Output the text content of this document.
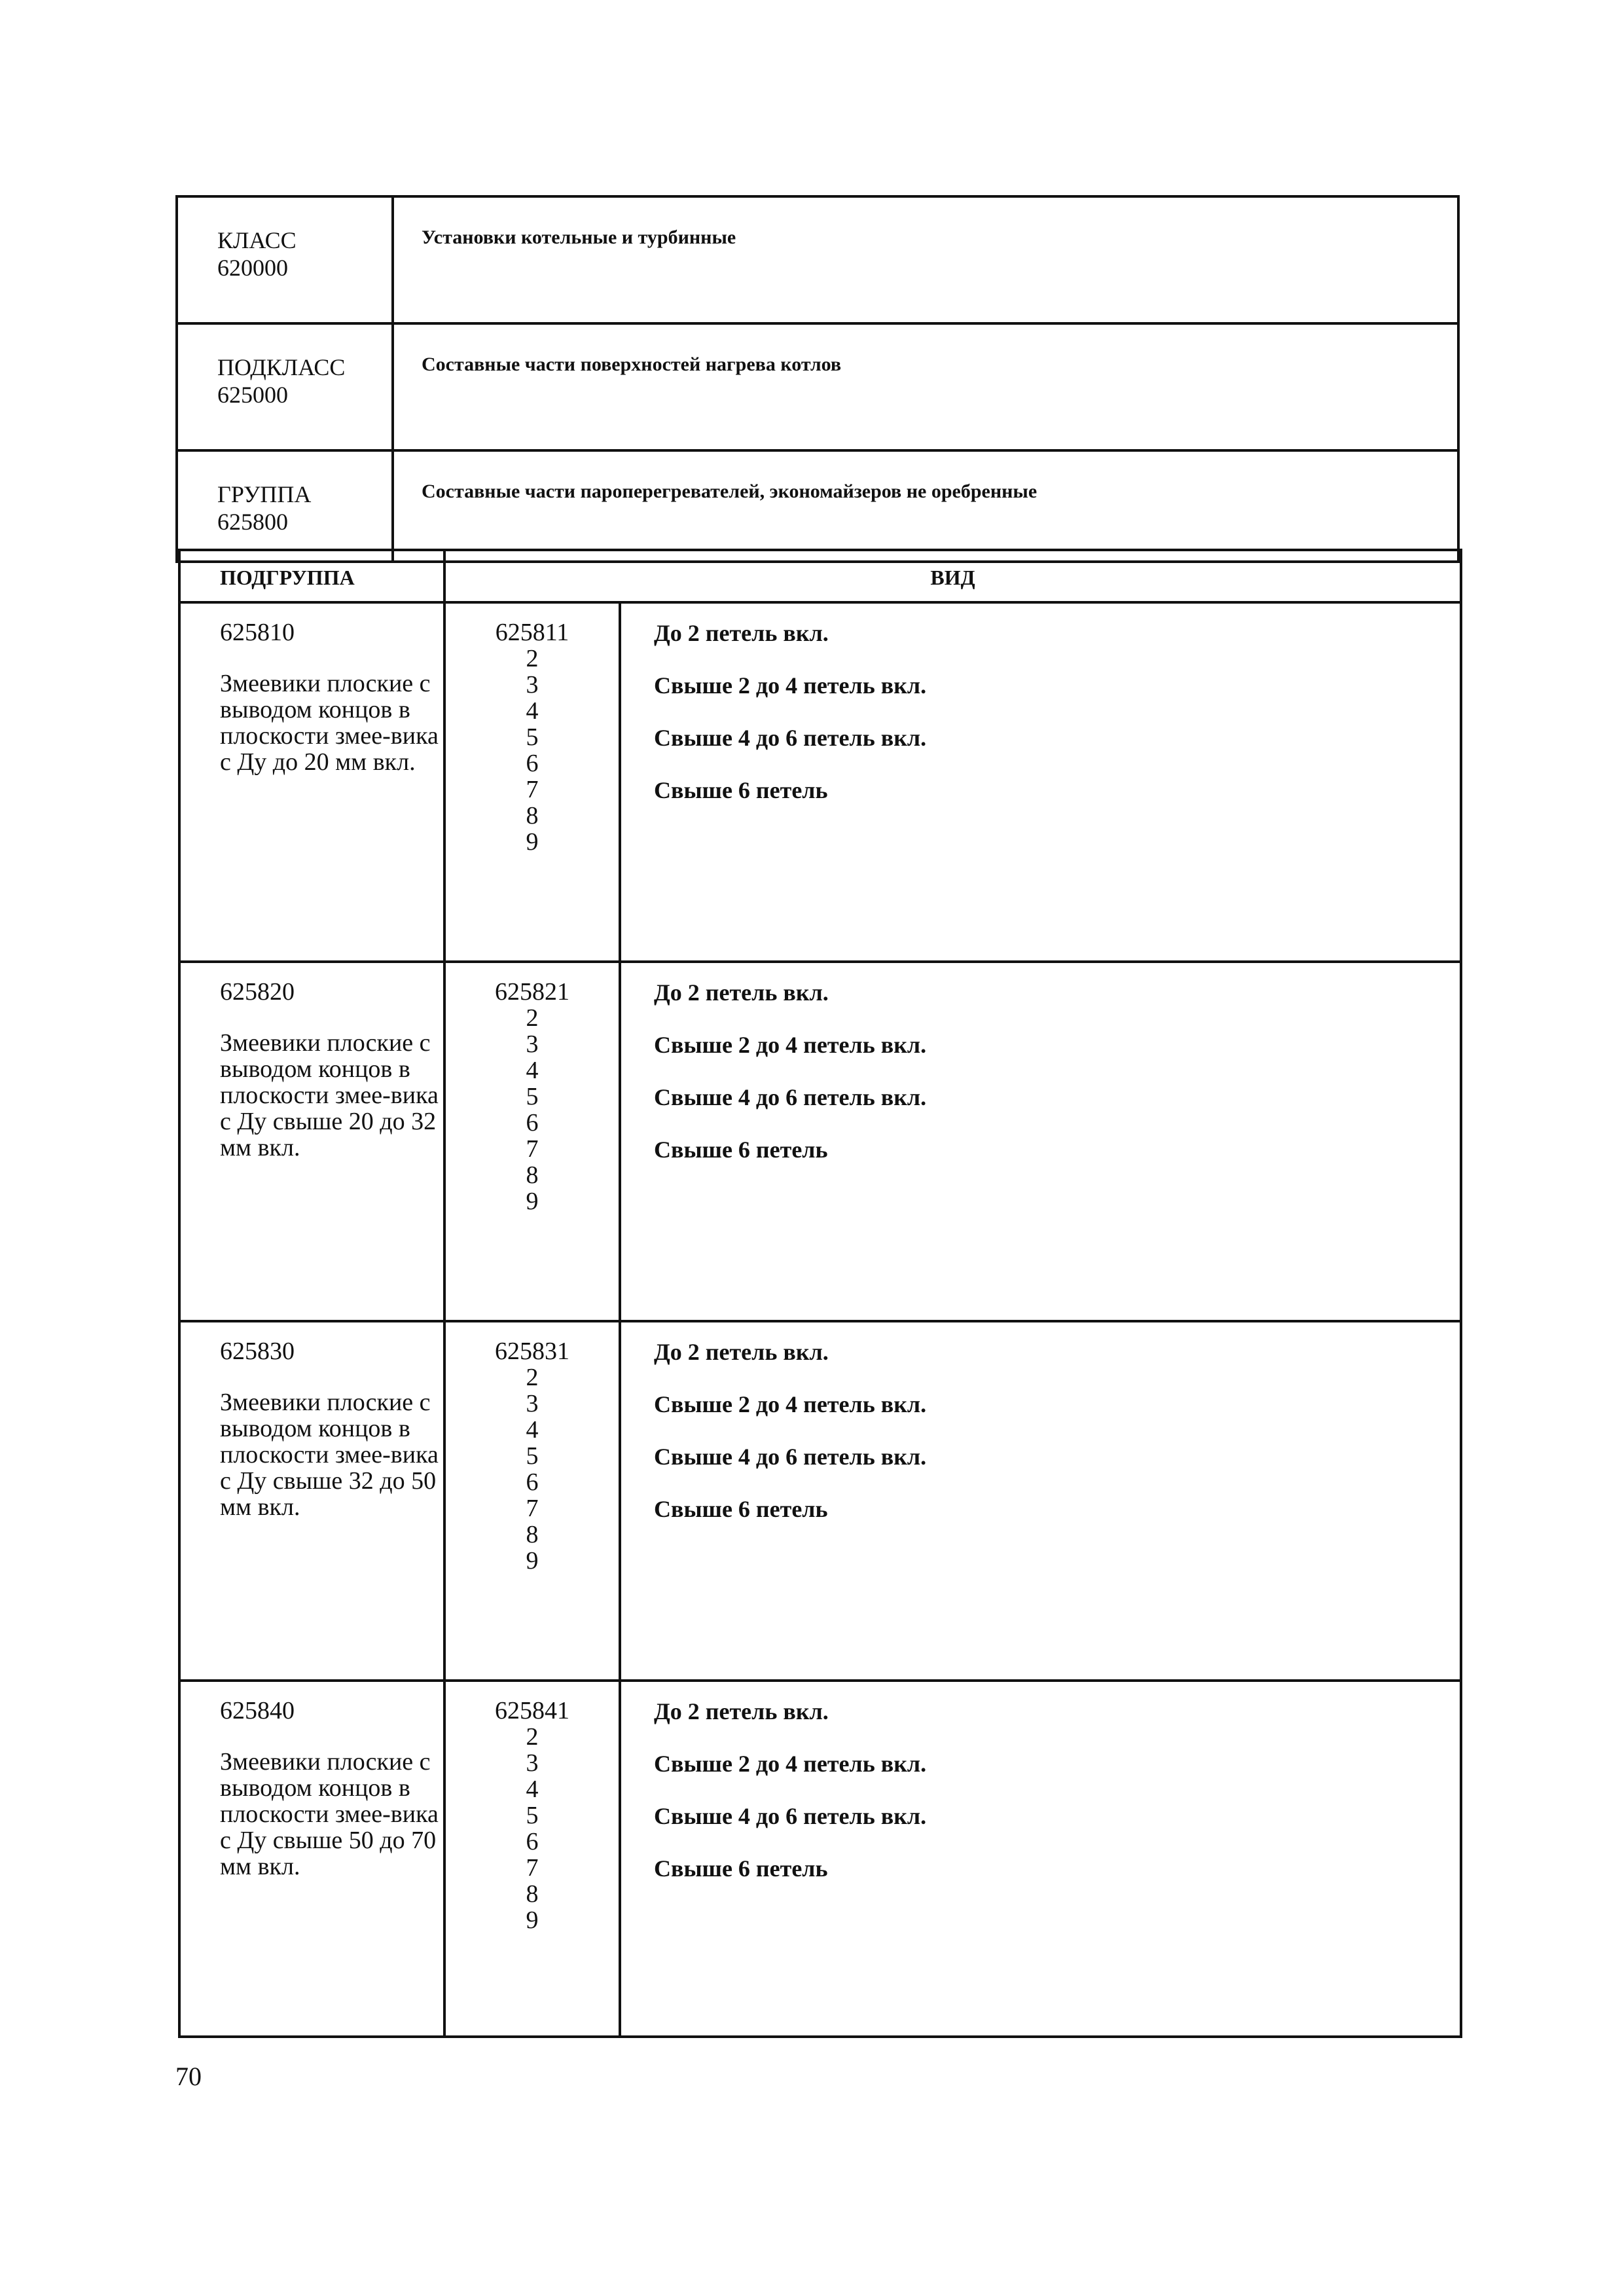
КЛАСС
620000
Установки котельные и турбинные
ПОДКЛАСС
625000
Составные части поверхностей нагрева котлов
ГРУППА
625800
Составные части пароперегревателей, экономайзеров не оребренные
ПОДГРУППА	ВИД
625810
Змеевики плоские с выводом концов в плоскости змее-вика с Ду до 20 мм вкл.
625811
2
3
4
5
6
7
8
9
До 2 петель вкл.
Свыше 2 до 4 петель вкл.
Свыше 4 до 6 петель вкл.
Свыше 6 петель
625820
Змеевики плоские с выводом концов в плоскости змее-вика с Ду свыше 20 до 32 мм вкл.
625821
2
3
4
5
6
7
8
9
До 2 петель вкл.
Свыше 2 до 4 петель вкл.
Свыше 4 до 6 петель вкл.
Свыше 6 петель
625830
Змеевики плоские с выводом концов в плоскости змее-вика с Ду свыше 32 до 50 мм вкл.
625831
2
3
4
5
6
7
8
9
До 2 петель вкл.
Свыше 2 до 4 петель вкл.
Свыше 4 до 6 петель вкл.
Свыше 6 петель
625840
Змеевики плоские с выводом концов в плоскости змее-вика с Ду свыше 50 до 70 мм вкл.
625841
2
3
4
5
6
7
8
9
До 2 петель вкл.
Свыше 2 до 4 петель вкл.
Свыше 4 до 6 петель вкл.
Свыше 6 петель
70
